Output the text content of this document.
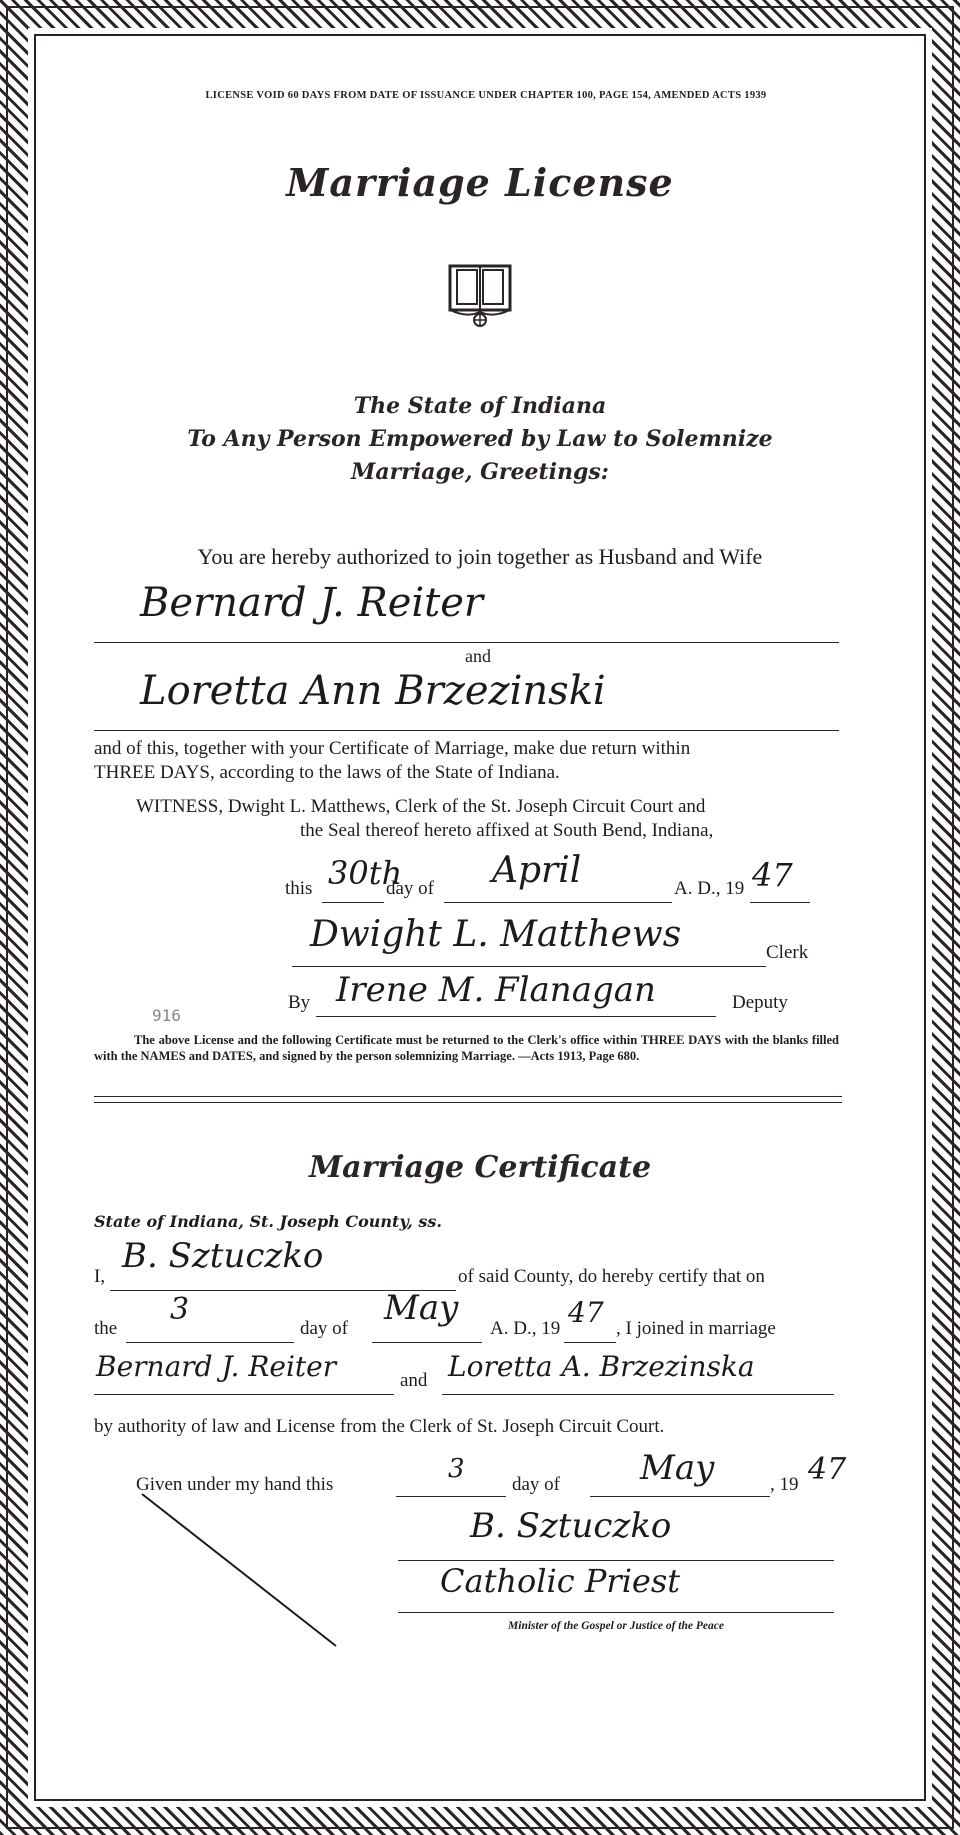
LICENSE VOID 60 DAYS FROM DATE OF ISSUANCE UNDER CHAPTER 100, PAGE 154, AMENDED ACTS 1939
Marriage License
The State of Indiana
To Any Person Empowered by Law to Solemnize
Marriage, Greetings:
You are hereby authorized to join together as Husband and Wife
Bernard J. Reiter
and
Loretta Ann Brzezinski
and of this, together with your Certificate of Marriage, make due return within
THREE DAYS, according to the laws of the State of Indiana.
WITNESS, Dwight L. Matthews, Clerk of the St. Joseph Circuit Court and
the Seal thereof hereto affixed at South Bend, Indiana,
this 30th
day of April	A. D., 19 47
916
Dwight L. Matthews	Clerk
By Irene M. Flanagan	Deputy
The above License and the following Certificate must be returned to the Clerk's office within THREE DAYS with the blanks filled with the NAMES and DATES, and signed by the person solemnizing Marriage. —Acts 1913, Page 680.
Marriage Certificate
State of Indiana, St. Joseph County, ss.
I,
B. Sztuczko
of said County, do hereby certify that on
the
3
day of
May
A. D., 19 47 , I joined in marriage
Bernard J. Reiter	and Loretta A. Brzezinska
by authority of law and License from the Clerk of St. Joseph Circuit Court.
Given under my hand this
3
day of May	, 19 47
B. Sztuczko
Catholic Priest
Minister of the Gospel or Justice of the Peace
